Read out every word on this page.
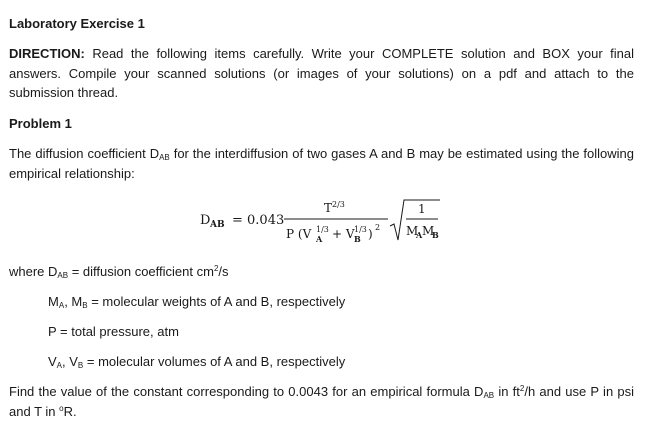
Laboratory Exercise 1

DIRECTION: Read the following items carefully. Write your COMPLETE solution and BOX your final answers. Compile your scanned solutions (or images of your solutions) on a pdf and attach to the submission thread.

Problem 1

The diffusion coefficient $D_{AB}$ for the interdiffusion of two gases A and B may be estimated using the following empirical relationship:

D AB = 0.043
T 2/3
P (V 1/3
A + V 1/3
B ) 2
1
M
A M
B

where $D_{AB}$ = diffusion coefficient $cm^2/s$

$M_A$, $M_B$ = molecular weights of A and B, respectively

P = total pressure, atm

$V_A$, $V_B$ = molecular volumes of A and B, respectively

Find the value of the constant corresponding to 0.0043 for an empirical formula $D_{AB}$ in $ft^2/h$ and use P in psi and T in $^o$R.
